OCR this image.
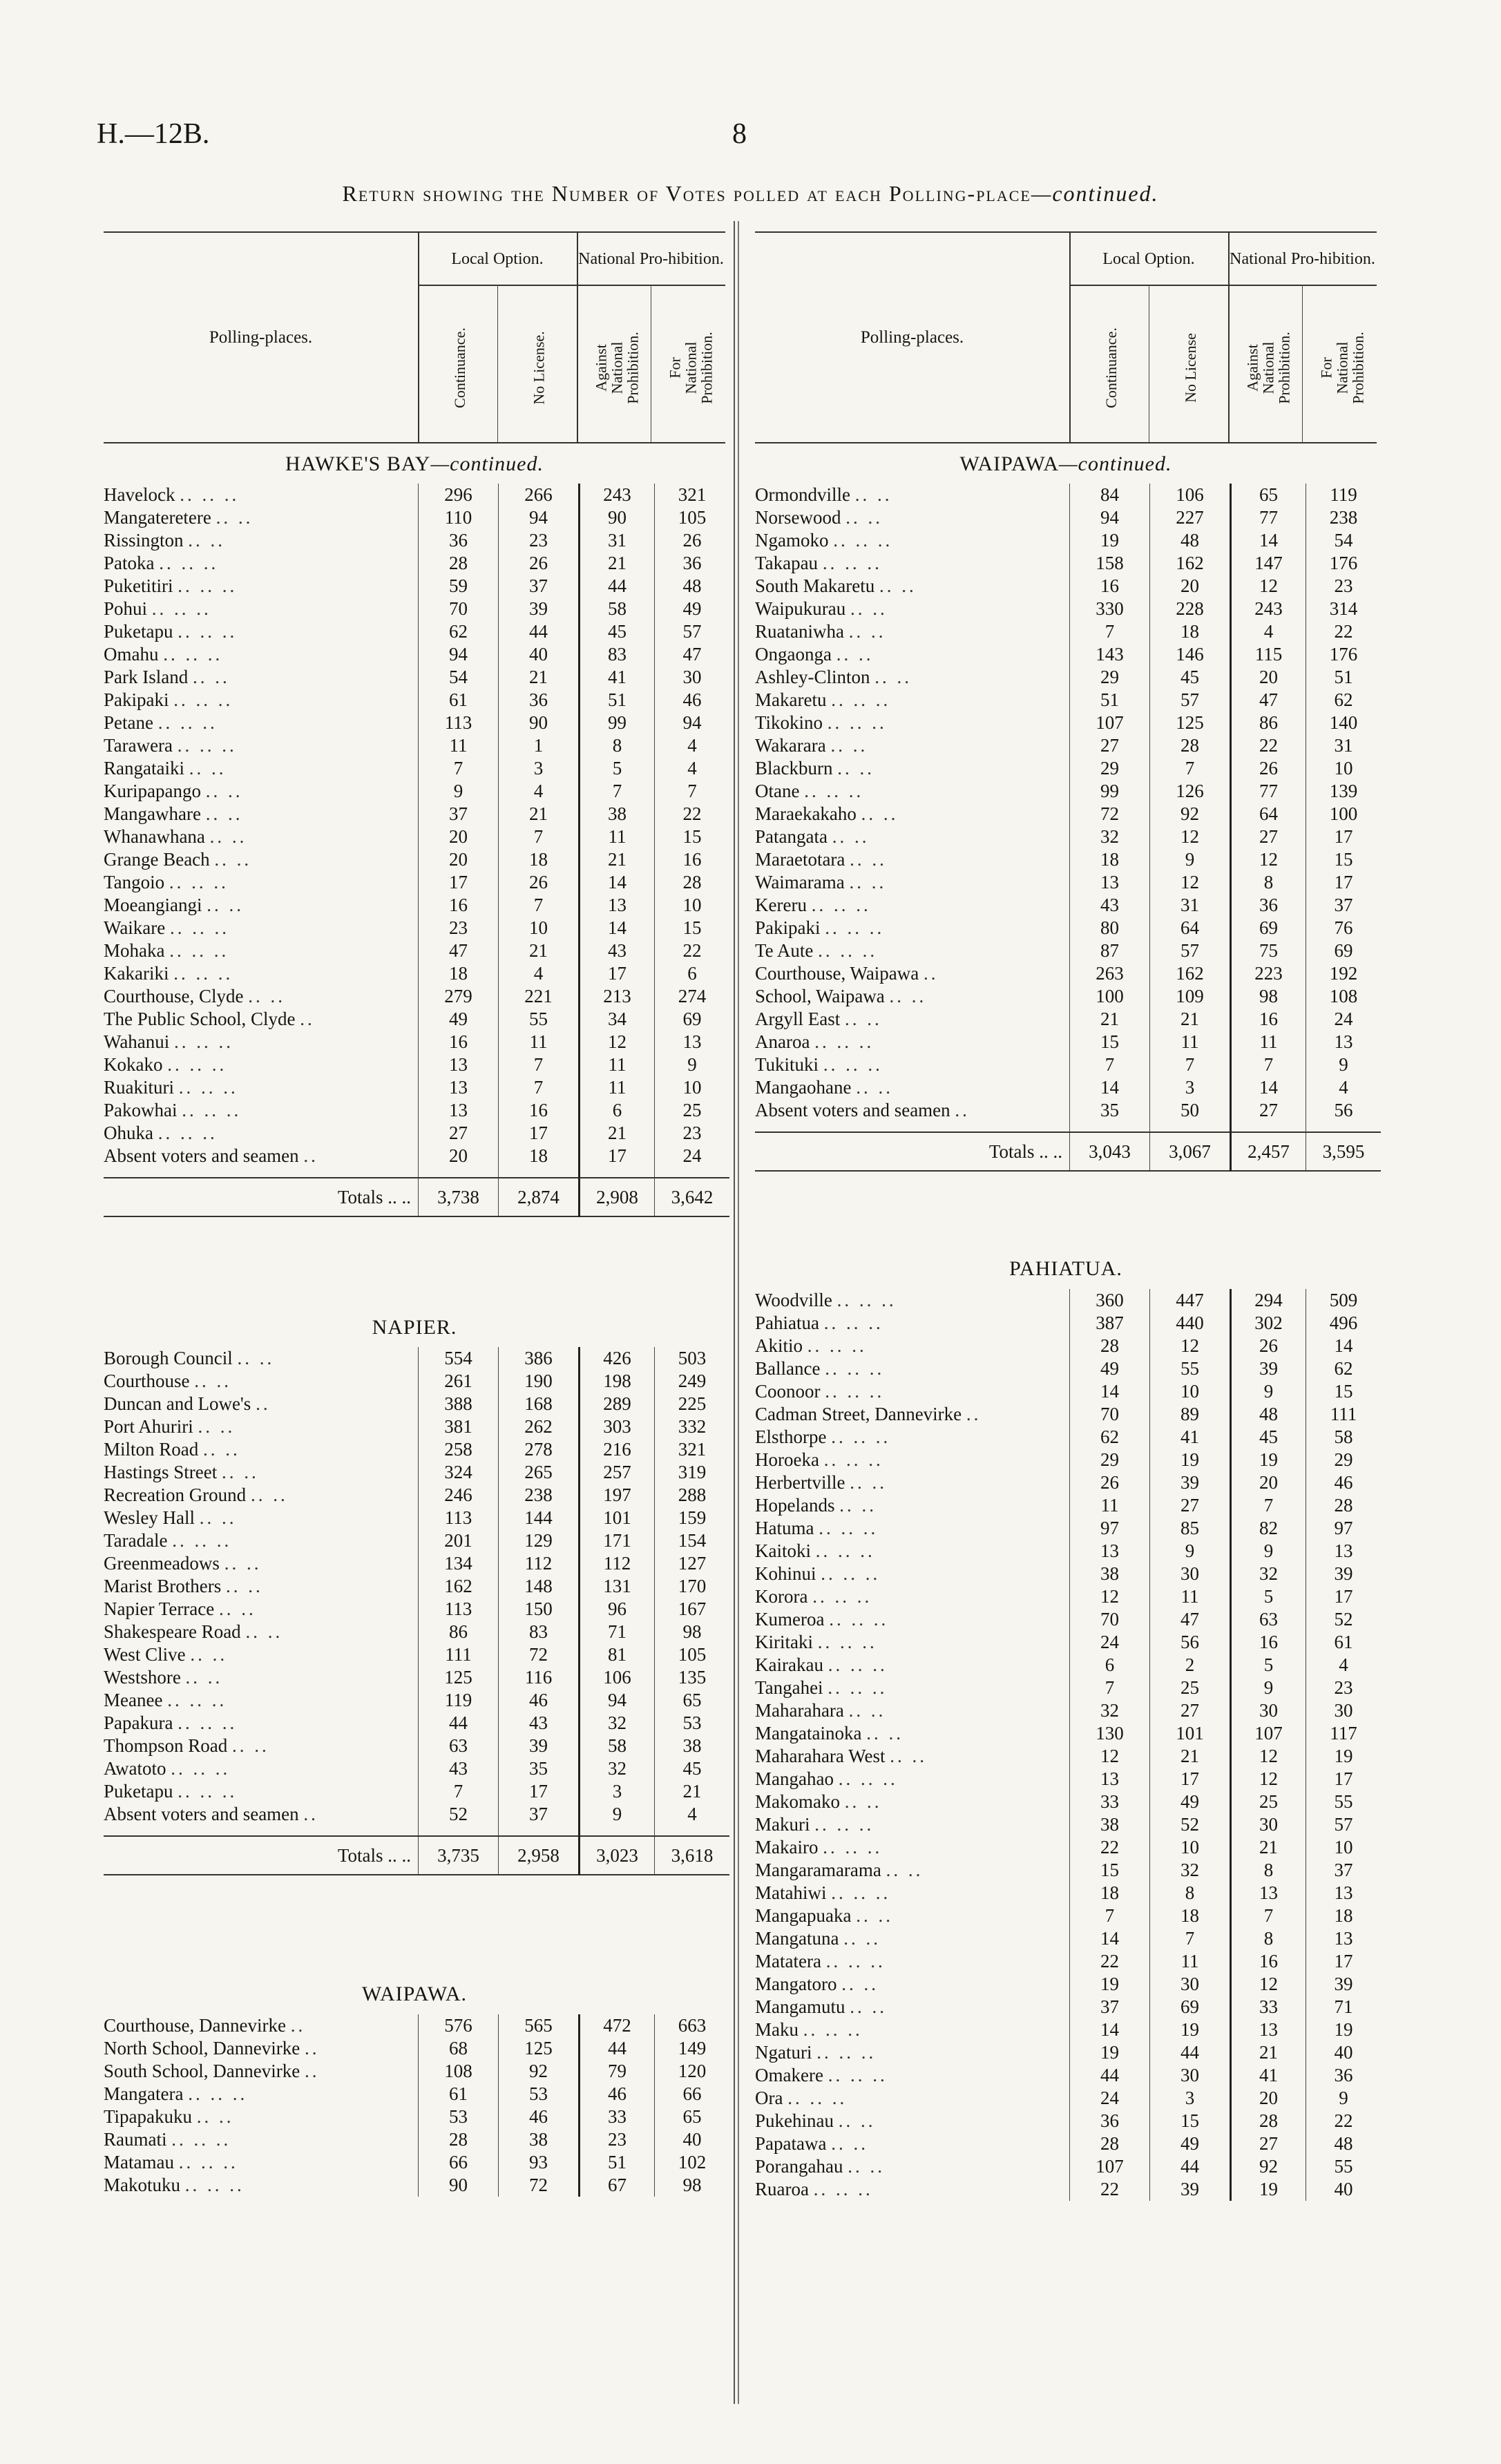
H.—12B.	8
Return showing the Number of Votes polled at each Polling-place—continued.
Polling-places.
Local Option.	National Pro-hibition.
Continuance.	No License.	Against National Prohibition. For National Prohibition.
HAWKE'S BAY—continued.
Havelock .. .. ..	296	266	243	321
Mangateretere .. ..	110	94	90	105
Rissington .. ..	36	23	31	26
Patoka .. .. ..	28	26	21	36
Puketitiri .. .. ..	59	37	44	48
Pohui .. .. ..	70	39	58	49
Puketapu .. .. ..	62	44	45	57
Omahu .. .. ..	94	40	83	47
Park Island .. ..	54	21	41	30
Pakipaki .. .. ..	61	36	51	46
Petane .. .. ..	113	90	99	94
Tarawera .. .. ..	11	1	8	4
Rangataiki .. ..	7	3	5	4
Kuripapango .. ..	9	4	7	7
Mangawhare .. ..	37	21	38	22
Whanawhana .. ..	20	7	11	15
Grange Beach .. ..	20	18	21	16
Tangoio .. .. ..	17	26	14	28
Moeangiangi .. ..	16	7	13	10
Waikare .. .. ..	23	10	14	15
Mohaka .. .. ..	47	21	43	22
Kakariki .. .. ..	18	4	17	6
Courthouse, Clyde .. ..	279	221	213	274
The Public School, Clyde ..	49	55	34	69
Wahanui .. .. ..	16	11	12	13
Kokako .. .. ..	13	7	11	9
Ruakituri .. .. ..	13	7	11	10
Pakowhai .. .. ..	13	16	6	25
Ohuka .. .. ..	27	17	21	23
Absent voters and seamen ..	20	18	17	24

Totals .. ..	3,738	2,874	2,908	3,642
NAPIER.
Borough Council .. ..	554	386	426	503
Courthouse .. ..	261	190	198	249
Duncan and Lowe's ..	388	168	289	225
Port Ahuriri .. ..	381	262	303	332
Milton Road .. ..	258	278	216	321
Hastings Street .. ..	324	265	257	319
Recreation Ground .. ..	246	238	197	288
Wesley Hall .. ..	113	144	101	159
Taradale .. .. ..	201	129	171	154
Greenmeadows .. ..	134	112	112	127
Marist Brothers .. ..	162	148	131	170
Napier Terrace .. ..	113	150	96	167
Shakespeare Road .. ..	86	83	71	98
West Clive .. ..	111	72	81	105
Westshore .. ..	125	116	106	135
Meanee .. .. ..	119	46	94	65
Papakura .. .. ..	44	43	32	53
Thompson Road .. ..	63	39	58	38
Awatoto .. .. ..	43	35	32	45
Puketapu .. .. ..	7	17	3	21
Absent voters and seamen ..	52	37	9	4

Totals .. ..	3,735	2,958	3,023	3,618
WAIPAWA.
Courthouse, Dannevirke ..	576	565	472	663
North School, Dannevirke ..	68	125	44	149
South School, Dannevirke ..	108	92	79	120
Mangatera .. .. ..	61	53	46	66
Tipapakuku .. ..	53	46	33	65
Raumati .. .. ..	28	38	23	40
Matamau .. .. ..	66	93	51	102
Makotuku .. .. ..	90	72	67	98
Polling-places.
Local Option.	National Pro-hibition.
Continuance.	No License	Against National Prohibition. For National Prohibition.
WAIPAWA—continued.
Ormondville .. ..	84	106	65	119
Norsewood .. ..	94	227	77	238
Ngamoko .. .. ..	19	48	14	54
Takapau .. .. ..	158	162	147	176
South Makaretu .. ..	16	20	12	23
Waipukurau .. ..	330	228	243	314
Ruataniwha .. ..	7	18	4	22
Ongaonga .. ..	143	146	115	176
Ashley-Clinton .. ..	29	45	20	51
Makaretu .. .. ..	51	57	47	62
Tikokino .. .. ..	107	125	86	140
Wakarara .. ..	27	28	22	31
Blackburn .. ..	29	7	26	10
Otane .. .. ..	99	126	77	139
Maraekakaho .. ..	72	92	64	100
Patangata .. ..	32	12	27	17
Maraetotara .. ..	18	9	12	15
Waimarama .. ..	13	12	8	17
Kereru .. .. ..	43	31	36	37
Pakipaki .. .. ..	80	64	69	76
Te Aute .. .. ..	87	57	75	69
Courthouse, Waipawa ..	263	162	223	192
School, Waipawa .. ..	100	109	98	108
Argyll East .. ..	21	21	16	24
Anaroa .. .. ..	15	11	11	13
Tukituki .. .. ..	7	7	7	9
Mangaohane .. ..	14	3	14	4
Absent voters and seamen ..	35	50	27	56

Totals .. ..	3,043	3,067	2,457	3,595
PAHIATUA.
Woodville .. .. ..	360	447	294	509
Pahiatua .. .. ..	387	440	302	496
Akitio .. .. ..	28	12	26	14
Ballance .. .. ..	49	55	39	62
Coonoor .. .. ..	14	10	9	15
Cadman Street, Dannevirke ..	70	89	48	111
Elsthorpe .. .. ..	62	41	45	58
Horoeka .. .. ..	29	19	19	29
Herbertville .. ..	26	39	20	46
Hopelands .. ..	11	27	7	28
Hatuma .. .. ..	97	85	82	97
Kaitoki .. .. ..	13	9	9	13
Kohinui .. .. ..	38	30	32	39
Korora .. .. ..	12	11	5	17
Kumeroa .. .. ..	70	47	63	52
Kiritaki .. .. ..	24	56	16	61
Kairakau .. .. ..	6	2	5	4
Tangahei .. .. ..	7	25	9	23
Maharahara .. ..	32	27	30	30
Mangatainoka .. ..	130	101	107	117
Maharahara West .. ..	12	21	12	19
Mangahao .. .. ..	13	17	12	17
Makomako .. ..	33	49	25	55
Makuri .. .. ..	38	52	30	57
Makairo .. .. ..	22	10	21	10
Mangaramarama .. ..	15	32	8	37
Matahiwi .. .. ..	18	8	13	13
Mangapuaka .. ..	7	18	7	18
Mangatuna .. ..	14	7	8	13
Matatera .. .. ..	22	11	16	17
Mangatoro .. ..	19	30	12	39
Mangamutu .. ..	37	69	33	71
Maku .. .. ..	14	19	13	19
Ngaturi .. .. ..	19	44	21	40
Omakere .. .. ..	44	30	41	36
Ora .. .. ..	24	3	20	9
Pukehinau .. ..	36	15	28	22
Papatawa .. ..	28	49	27	48
Porangahau .. ..	107	44	92	55
Ruaroa .. .. ..	22	39	19	40
